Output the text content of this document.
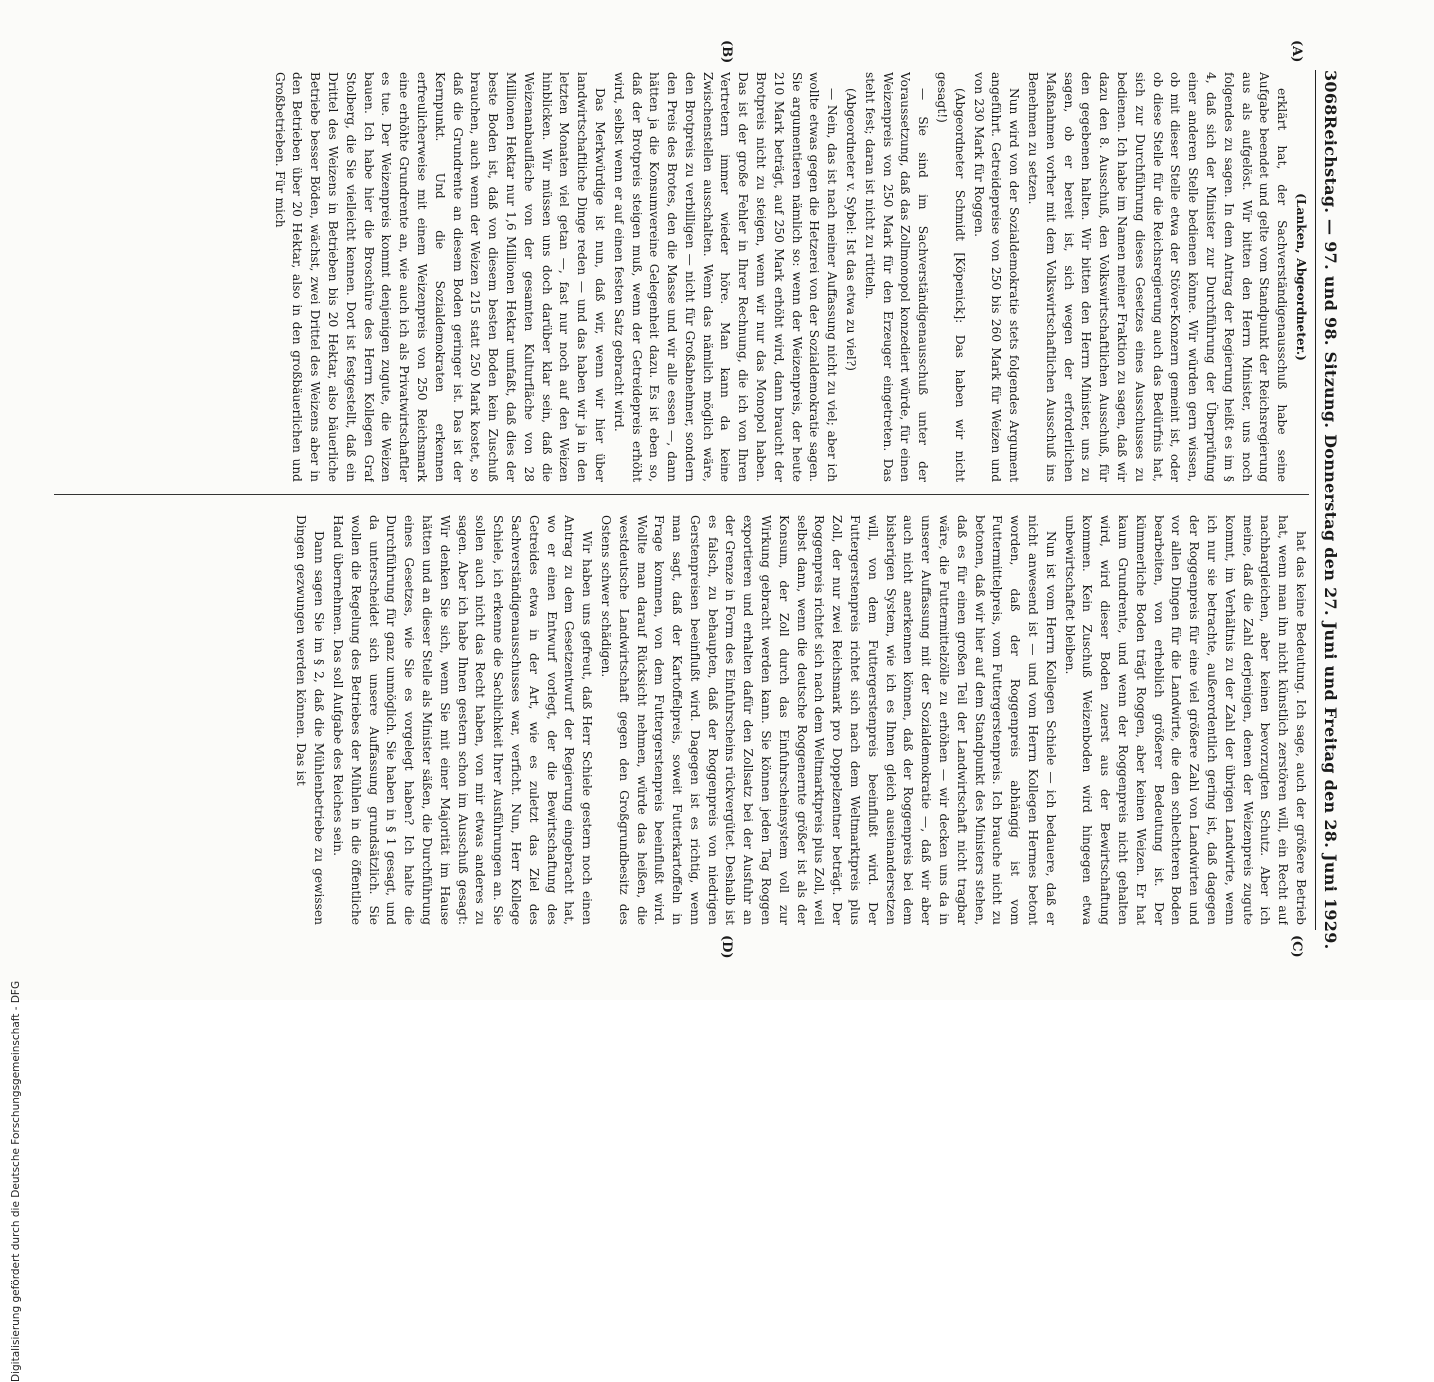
3068
Reichstag. — 97. und 98. Sitzung. Donnerstag den 27. Juni und Freitag den 28. Juni 1929.
(A)
(B)
(C)
(D)

(Lanken, Abgeordneter.)

erklärt hat, der Sachverständigenausschuß habe seine Aufgabe beendet und gelte vom Standpunkt der Reichsregierung aus als aufgelöst. Wir bitten den Herrn Minister, uns noch folgendes zu sagen. In dem Antrag der Regierung heißt es im § 4, daß sich der Minister zur Durchführung der Überprüfung einer anderen Stelle bedienen könne. Wir würden gern wissen, ob mit dieser Stelle etwa der Stöver-Konzern gemeint ist, oder ob diese Stelle für die Reichsregierung auch das Bedürfnis hat, sich zur Durchführung dieses Gesetzes eines Ausschusses zu bedienen. Ich habe im Namen meiner Fraktion zu sagen, daß wir dazu den 8. Ausschuß, den Volkswirtschaftlichen Ausschuß, für den gegebenen halten. Wir bitten den Herrn Minister, uns zu sagen, ob er bereit ist, sich wegen der erforderlichen Maßnahmen vorher mit dem Volkswirtschaftlichen Ausschuß ins Benehmen zu setzen.

Nun wird von der Sozialdemokratie stets folgendes Argument angeführt. Getreidepreise von 250 bis 260 Mark für Weizen und von 230 Mark für Roggen.

(Abgeordneter Schmidt [Köpenick]: Das haben wir nicht gesagt!)

— Sie sind im Sachverständigenausschuß unter der Voraussetzung, daß das Zollmonopol konzediert würde, für einen Weizenpreis von 250 Mark für den Erzeuger eingetreten. Das steht fest; daran ist nicht zu rütteln.

(Abgeordneter v. Sybel: Ist das etwa zu viel?)

— Nein, das ist nach meiner Auffassung nicht zu viel; aber ich wollte etwas gegen die Hetzerei von der Sozialdemokratie sagen. Sie argumentieren nämlich so: wenn der Weizenpreis, der heute 210 Mark beträgt, auf 250 Mark erhöht wird, dann braucht der Brotpreis nicht zu steigen, wenn wir nur das Monopol haben. Das ist der große Fehler in Ihrer Rechnung, die ich von Ihren Vertretern immer wieder höre. Man kann da keine Zwischenstellen ausschalten. Wenn das nämlich möglich wäre, den Brotpreis zu verbilligen — nicht für Großabnehmer, sondern den Preis des Brotes, den die Masse und wir alle essen —, dann hätten ja die Konsumvereine Gelegenheit dazu. Es ist eben so, daß der Brotpreis steigen muß, wenn der Getreidepreis erhöht wird, selbst wenn er auf einen festen Satz gebracht wird.

Das Merkwürdige ist nun, daß wir, wenn wir hier über landwirtschaftliche Dinge reden — und das haben wir ja in den letzten Monaten viel getan —, fast nur noch auf den Weizen hinblicken. Wir müssen uns doch darüber klar sein, daß die Weizenanbaufläche von der gesamten Kulturfläche von 28 Millionen Hektar nur 1,6 Millionen Hektar umfaßt, daß dies der beste Boden ist, daß von diesem besten Boden kein Zuschuß brauchen, auch wenn der Weizen 215 statt 250 Mark kostet, so daß die Grundrente an diesem Boden geringer ist. Das ist der Kernpunkt. Und die Sozialdemokraten erkennen erfreulicherweise mit einem Weizenpreis von 250 Reichsmark eine erhöhte Grundrente an, wie auch ich als Privatwirtschaftler es tue. Der Weizenpreis kommt denjenigen zugute, die Weizen bauen. Ich habe hier die Broschüre des Herrn Kollegen Graf Stolberg, die Sie vielleicht kennen. Dort ist festgestellt, daß ein Drittel des Weizens in Betrieben bis 20 Hektar, also bäuerliche Betriebe besser Böden, wächst, zwei Drittel des Weizens aber in den Betrieben über 20 Hektar, also in den großbäuerlichen und Großbetrieben. Für mich

hat das keine Bedeutung. Ich sage, auch der größere Betrieb hat, wenn man ihn nicht künstlich zerstören will, ein Recht auf nachbargleichen, aber keinen bevorzugten Schutz. Aber ich meine, daß die Zahl derjenigen, denen der Weizenpreis zugute kommt, im Verhältnis zu der Zahl der übrigen Landwirte, wenn ich nur sie betrachte, außerordentlich gering ist, daß dagegen der Roggenpreis für eine viel größere Zahl von Landwirten und vor allen Dingen für die Landwirte, die den schlechteren Boden bearbeiten, von erheblich größerer Bedeutung ist. Der kümmerliche Boden trägt Roggen, aber keinen Weizen. Er hat kaum Grundrente, und wenn der Roggenpreis nicht gehalten wird, wird dieser Boden zuerst aus der Bewirtschaftung kommen. Kein Zuschuß Weizenboden wird hingegen etwa unbewirtschaftet bleiben.

Nun ist vom Herrn Kollegen Schiele — ich bedauere, daß er nicht anwesend ist — und vom Herrn Kollegen Hermes betont worden, daß der Roggenpreis abhängig ist vom Futtermittelpreis, vom Futtergerstenpreis. Ich brauche nicht zu betonen, daß wir hier auf dem Standpunkt des Ministers stehen, daß es für einen großen Teil der Landwirtschaft nicht tragbar wäre, die Futtermittelzölle zu erhöhen — wir decken uns da in unserer Auffassung mit der Sozialdemokratie —, daß wir aber auch nicht anerkennen können, daß der Roggenpreis bei dem bisherigen System, wie ich es Ihnen gleich auseinandersetzen will, von dem Futtergerstenpreis beeinflußt wird. Der Futtergerstenpreis richtet sich nach dem Weltmarktpreis plus Zoll, der nur zwei Reichsmark pro Doppelzentner beträgt. Der Roggenpreis richtet sich nach dem Weltmarktpreis plus Zoll, weil selbst dann, wenn die deutsche Roggenernte größer ist als der Konsum, der Zoll durch das Einfuhrscheinsystem voll zur Wirkung gebracht werden kann. Sie können jeden Tag Roggen exportieren und erhalten dafür den Zollsatz bei der Ausfuhr an der Grenze in Form des Einfuhrscheins rückvergütet. Deshalb ist es falsch, zu behaupten, daß der Roggenpreis von niedrigen Gerstenpreisen beeinflußt wird. Dagegen ist es richtig, wenn man sagt, daß der Kartoffelpreis, soweit Futterkartoffeln in Frage kommen, von dem Futtergerstenpreis beeinflußt wird. Wollte man darauf Rücksicht nehmen, würde das heißen, die westdeutsche Landwirtschaft gegen den Großgrundbesitz des Ostens schwer schädigen.

Wir haben uns gefreut, daß Herr Schiele gestern noch einen Antrag zu dem Gesetzentwurf der Regierung eingebracht hat, wo er einen Entwurf vorlegt, der die Bewirtschaftung des Getreides etwa in der Art, wie es zuletzt das Ziel des Sachverständigenausschusses war, verficht. Nun, Herr Kollege Schiele, ich erkenne die Sachlichkeit Ihrer Ausführungen an. Sie sollen auch nicht das Recht haben, von mir etwas anderes zu sagen. Aber ich habe Ihnen gestern schon im Ausschuß gesagt: Wir denken Sie sich, wenn Sie mit einer Majorität im Hause hätten und an dieser Stelle als Minister säßen, die Durchführung eines Gesetzes, wie Sie es vorgelegt haben? Ich halte die Durchführung für ganz unmöglich. Sie haben in § 1 gesagt, und da unterscheidet sich unsere Auffassung grundsätzlich. Sie wollen die Regelung des Betriebes der Mühlen in die öffentliche Hand übernehmen. Das soll Aufgabe des Reiches sein.

Dann sagen Sie im § 2, daß die Mühlenbetriebe zu gewissen Dingen gezwungen werden können. Das ist

Digitalisierung gefördert durch die Deutsche Forschungsgemeinschaft - DFG
